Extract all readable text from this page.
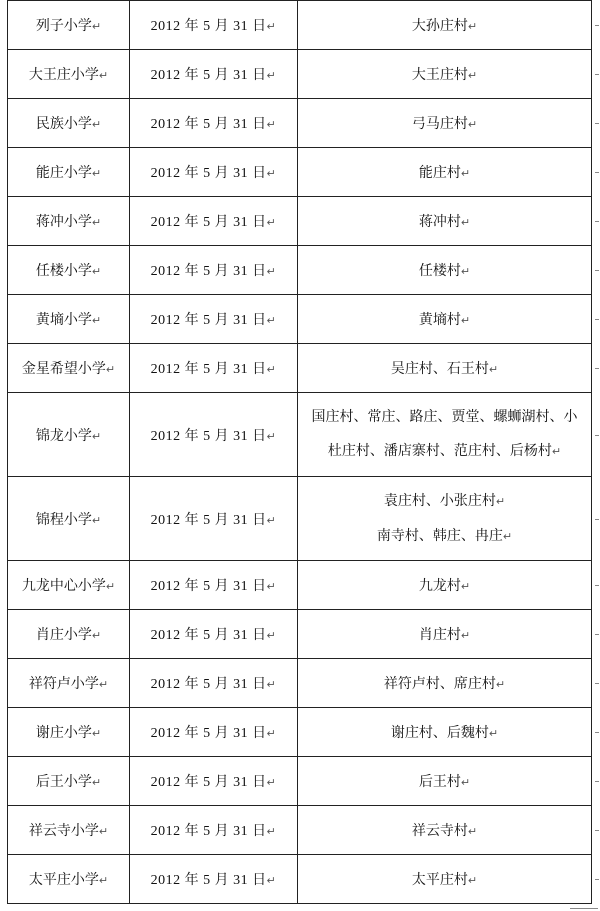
列子小学↵	2012 年 5 月 31 日↵	大孙庄村↵
大王庄小学↵	2012 年 5 月 31 日↵	大王庄村↵
民族小学↵	2012 年 5 月 31 日↵	弓马庄村↵
能庄小学↵	2012 年 5 月 31 日↵	能庄村↵
蒋冲小学↵	2012 年 5 月 31 日↵	蒋冲村↵
任楼小学↵	2012 年 5 月 31 日↵	任楼村↵
黄墒小学↵	2012 年 5 月 31 日↵	黄墒村↵
金星希望小学↵	2012 年 5 月 31 日↵	吴庄村、石王村↵
锦龙小学↵	2012 年 5 月 31 日↵	国庄村、常庄、路庄、贾堂、螺蛳湖村、小
杜庄村、潘店寨村、范庄村、后杨村↵

锦程小学↵	2012 年 5 月 31 日↵	袁庄村、小张庄村↵
南寺村、韩庄、冉庄↵

九龙中心小学↵	2012 年 5 月 31 日↵	九龙村↵
肖庄小学↵	2012 年 5 月 31 日↵	肖庄村↵
祥符卢小学↵	2012 年 5 月 31 日↵	祥符卢村、席庄村↵
谢庄小学↵	2012 年 5 月 31 日↵	谢庄村、后魏村↵
后王小学↵	2012 年 5 月 31 日↵	后王村↵
祥云寺小学↵	2012 年 5 月 31 日↵	祥云寺村↵
太平庄小学↵	2012 年 5 月 31 日↵	太平庄村↵
